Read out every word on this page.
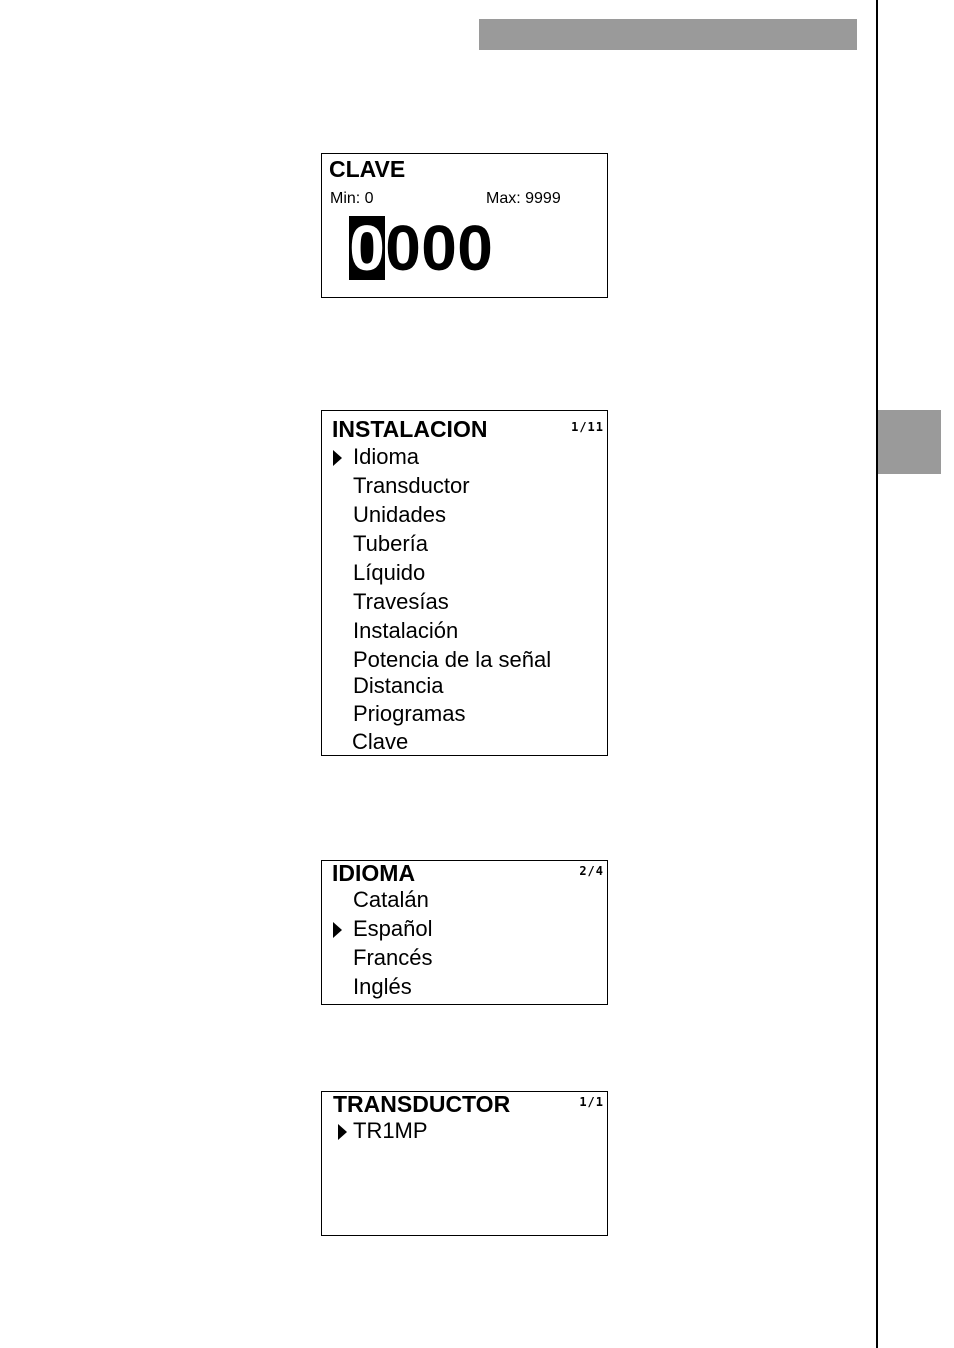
CLAVE
Min: 0	Max: 9999
0 0 0 0
INSTALACION	1/11
Idioma
Transductor
Unidades
Tubería
Líquido
Travesías
Instalación
Potencia de la señal
Distancia
Priogramas
Clave
IDIOMA	2/4
Catalán
Español
Francés
Inglés
TRANSDUCTOR	1/1
TR1MP
